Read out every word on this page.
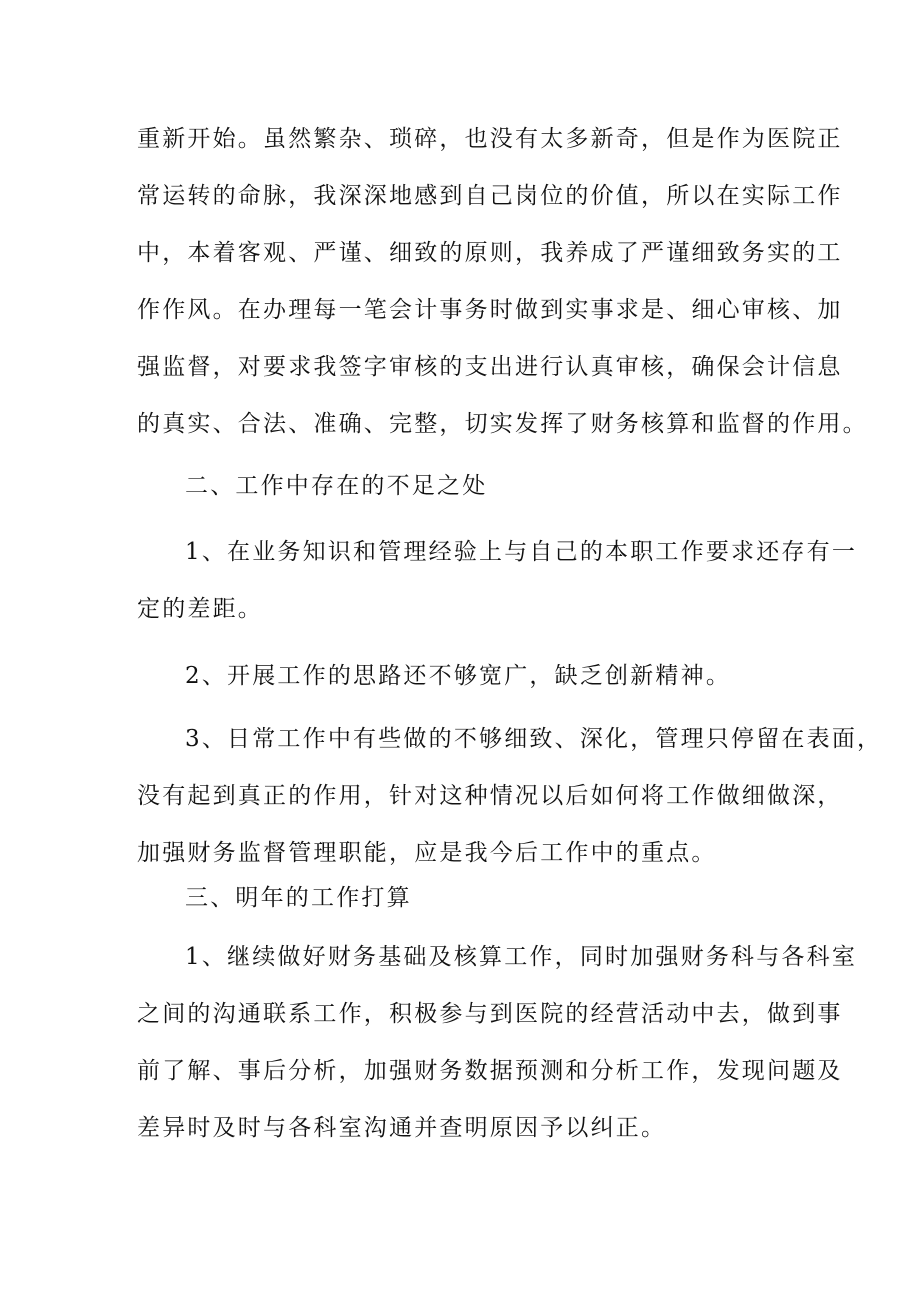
重新开始。虽然繁杂、琐碎，也没有太多新奇，但是作为医院正
常运转的命脉，我深深地感到自己岗位的价值，所以在实际工作
中，本着客观、严谨、细致的原则，我养成了严谨细致务实的工
作作风。在办理每一笔会计事务时做到实事求是、细心审核、加
强监督，对要求我签字审核的支出进行认真审核，确保会计信息
的真实、合法、准确、完整，切实发挥了财务核算和监督的作用。
二、工作中存在的不足之处
1、在业务知识和管理经验上与自己的本职工作要求还存有一
定的差距。
2、开展工作的思路还不够宽广，缺乏创新精神。
3、日常工作中有些做的不够细致、深化，管理只停留在表面，
没有起到真正的作用，针对这种情况以后如何将工作做细做深，
加强财务监督管理职能，应是我今后工作中的重点。
三、明年的工作打算
1、继续做好财务基础及核算工作，同时加强财务科与各科室
之间的沟通联系工作，积极参与到医院的经营活动中去，做到事
前了解、事后分析，加强财务数据预测和分析工作，发现问题及
差异时及时与各科室沟通并查明原因予以纠正。
